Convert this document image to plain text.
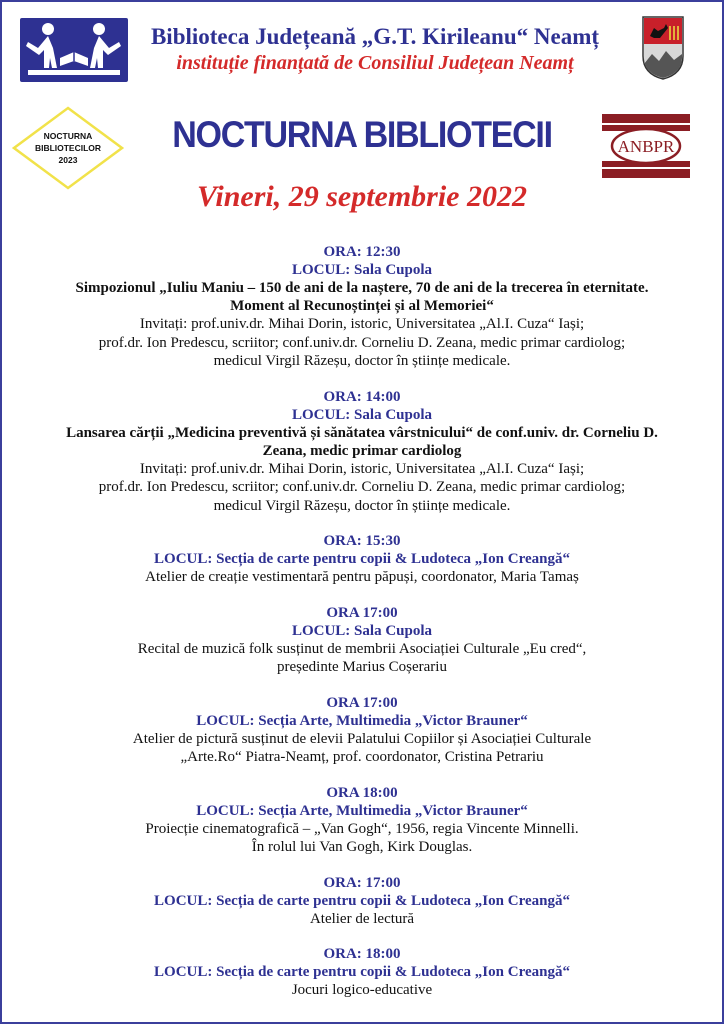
Biblioteca Județeană „G.T. Kirileanu“ Neamț
instituție finanțată de Consiliul Județean Neamț
NOCTURNA
BIBLIOTECILOR
2023
NOCTURNA BIBLIOTECII	ANBPR
Vineri, 29 septembrie 2022
ORA: 12:30
LOCUL: Sala Cupola
Simpozionul „Iuliu Maniu – 150 de ani de la naștere, 70 de ani de la trecerea în eternitate.
Moment al Recunoștinței și al Memoriei“
Invitați: prof.univ.dr. Mihai Dorin, istoric, Universitatea „Al.I. Cuza“ Iași;
prof.dr. Ion Predescu, scriitor; conf.univ.dr. Corneliu D. Zeana, medic primar cardiolog;
medicul Virgil Răzeșu, doctor în științe medicale.
ORA: 14:00
LOCUL: Sala Cupola
Lansarea cărții „Medicina preventivă și sănătatea vârstnicului“ de conf.univ. dr. Corneliu D.
Zeana, medic primar cardiolog
Invitați: prof.univ.dr. Mihai Dorin, istoric, Universitatea „Al.I. Cuza“ Iași;
prof.dr. Ion Predescu, scriitor; conf.univ.dr. Corneliu D. Zeana, medic primar cardiolog;
medicul Virgil Răzeșu, doctor în științe medicale.
ORA: 15:30
LOCUL: Secția de carte pentru copii & Ludoteca „Ion Creangă“
Atelier de creație vestimentară pentru păpuși, coordonator, Maria Tamaș
ORA 17:00
LOCUL: Sala Cupola
Recital de muzică folk susținut de membrii Asociației Culturale „Eu cred“,
președinte Marius Coșerariu
ORA 17:00
LOCUL: Secția Arte, Multimedia „Victor Brauner“
Atelier de pictură susținut de elevii Palatului Copiilor și Asociației Culturale
„Arte.Ro“ Piatra-Neamț, prof. coordonator, Cristina Petrariu
ORA 18:00
LOCUL: Secția Arte, Multimedia „Victor Brauner“
Proiecție cinematografică – „Van Gogh“, 1956, regia Vincente Minnelli.
În rolul lui Van Gogh, Kirk Douglas.
ORA: 17:00
LOCUL: Secția de carte pentru copii & Ludoteca „Ion Creangă“
Atelier de lectură
ORA: 18:00
LOCUL: Secția de carte pentru copii & Ludoteca „Ion Creangă“
Jocuri logico-educative
